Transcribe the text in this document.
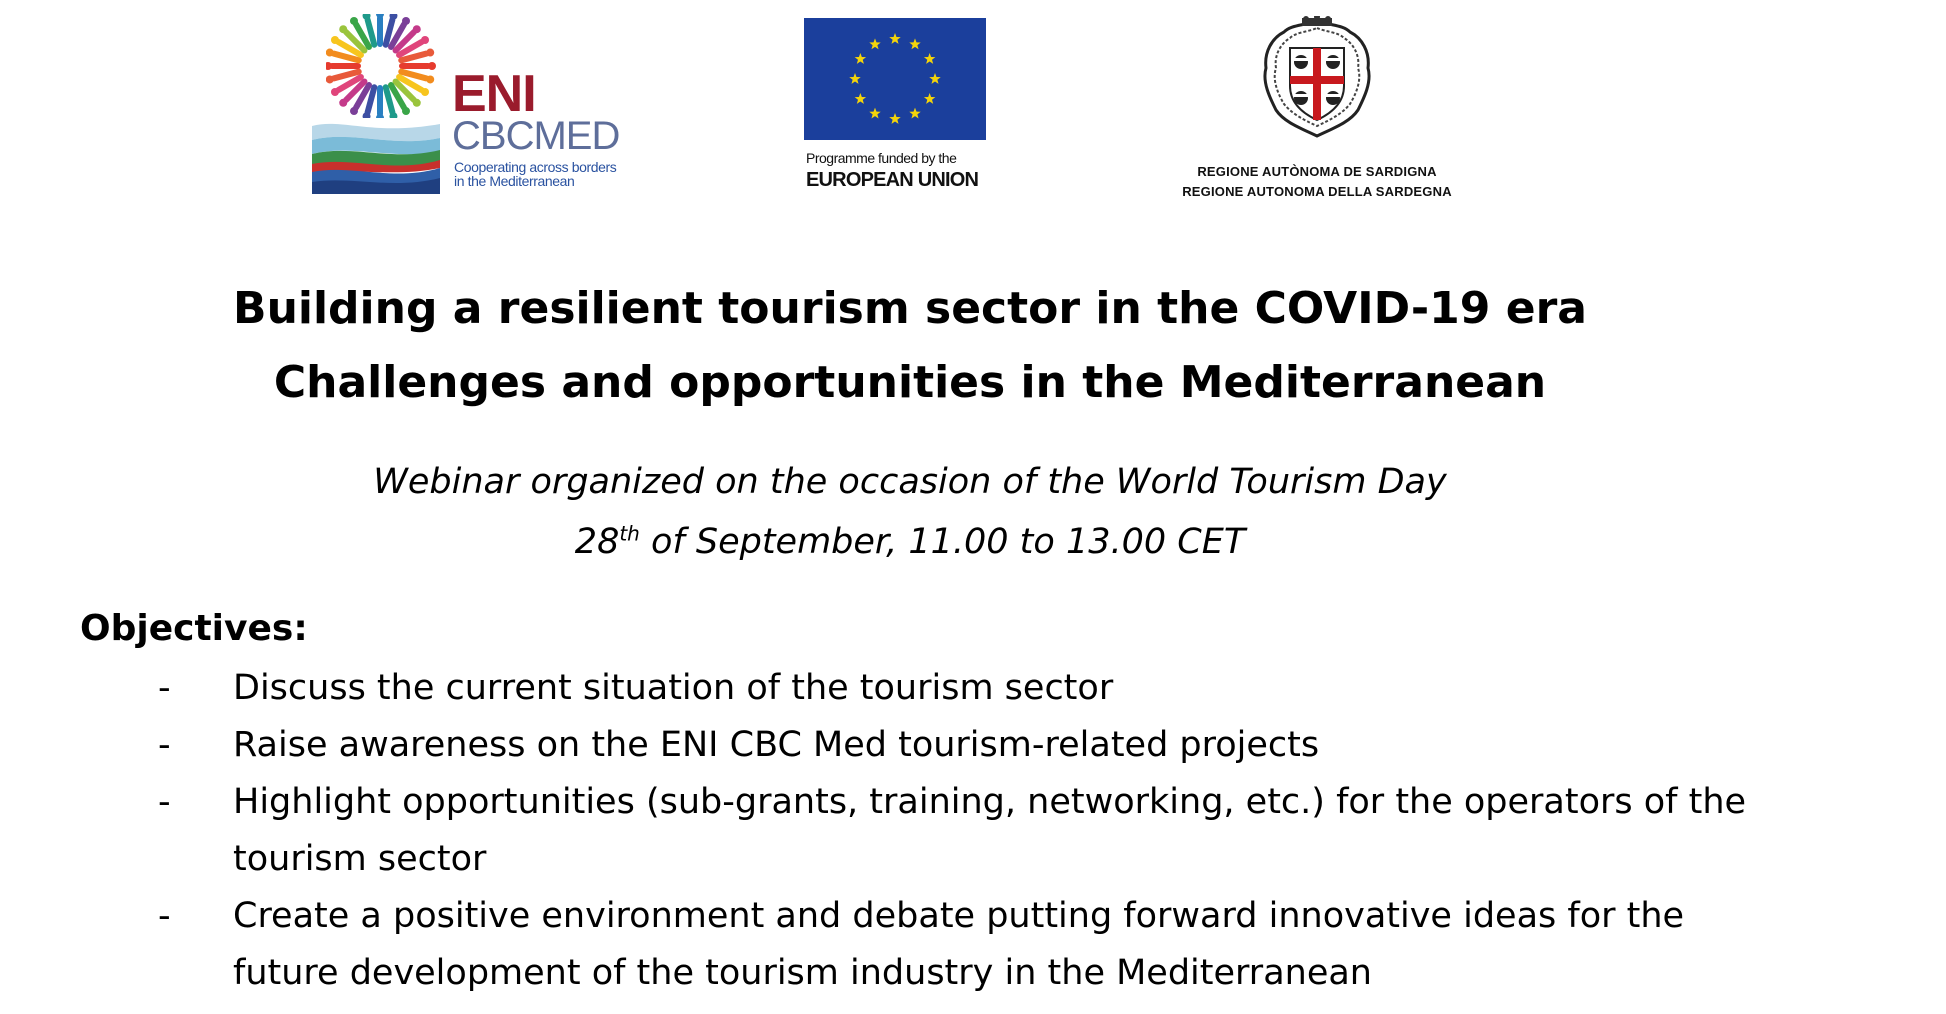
ENI
CBCMED
Cooperating across borders
in the Mediterranean
Programme funded by the
EUROPEAN UNION	REGIONE AUTÒNOMA DE SARDIGNA
REGIONE AUTONOMA DELLA SARDEGNA
Building a resilient tourism sector in the COVID-19 era
Challenges and opportunities in the Mediterranean
Webinar organized on the occasion of the World Tourism Day
28th of September, 11.00 to 13.00 CET
Objectives:
- Discuss the current situation of the tourism sector
- Raise awareness on the ENI CBC Med tourism-related projects
- Highlight opportunities (sub-grants, training, networking, etc.) for the operators of the tourism sector
- Create a positive environment and debate putting forward innovative ideas for the future development of the tourism industry in the Mediterranean
